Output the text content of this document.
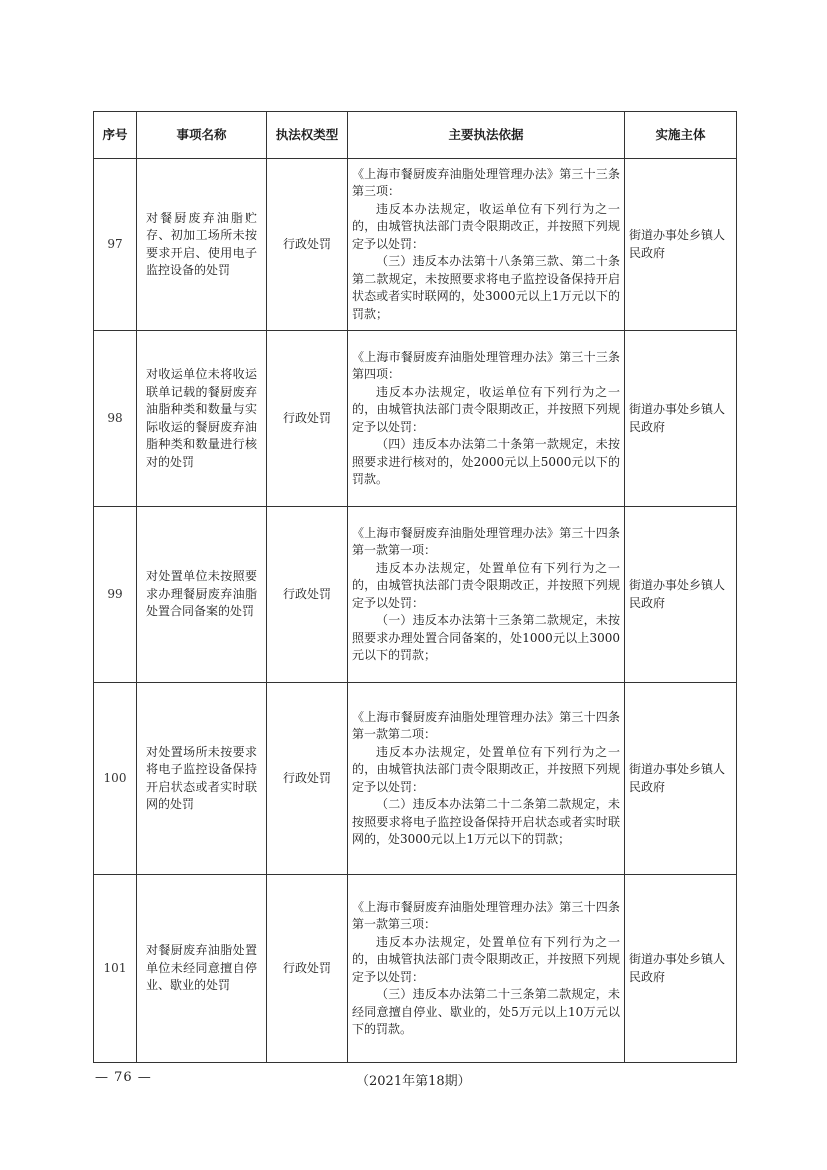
序号	事项名称	执法权类型	主要执法依据	实施主体
97	对餐厨废弃油脂贮存、初加工场所未按要求开启、使用电子监控设备的处罚	行政处罚	《上海市餐厨废弃油脂处理管理办法》第三十三条第三项：

违反本办法规定，收运单位有下列行为之一的，由城管执法部门责令限期改正，并按照下列规定予以处罚：

（三）违反本办法第十八条第三款、第二十条第二款规定，未按照要求将电子监控设备保持开启状态或者实时联网的，处3000元以上1万元以下的罚款；	街道办事处乡镇人民政府
98	对收运单位未将收运联单记载的餐厨废弃油脂种类和数量与实际收运的餐厨废弃油脂种类和数量进行核对的处罚	行政处罚	《上海市餐厨废弃油脂处理管理办法》第三十三条第四项：

违反本办法规定，收运单位有下列行为之一的，由城管执法部门责令限期改正，并按照下列规定予以处罚：

（四）违反本办法第二十条第一款规定，未按照要求进行核对的，处2000元以上5000元以下的罚款。	街道办事处乡镇人民政府
99	对处置单位未按照要求办理餐厨废弃油脂处置合同备案的处罚	行政处罚	《上海市餐厨废弃油脂处理管理办法》第三十四条第一款第一项：

违反本办法规定，处置单位有下列行为之一的，由城管执法部门责令限期改正，并按照下列规定予以处罚：

（一）违反本办法第十三条第二款规定，未按照要求办理处置合同备案的，处1000元以上3000元以下的罚款；	街道办事处乡镇人民政府
100	对处置场所未按要求将电子监控设备保持开启状态或者实时联网的处罚	行政处罚	《上海市餐厨废弃油脂处理管理办法》第三十四条第一款第二项：

违反本办法规定，处置单位有下列行为之一的，由城管执法部门责令限期改正，并按照下列规定予以处罚：

（二）违反本办法第二十二条第二款规定，未按照要求将电子监控设备保持开启状态或者实时联网的，处3000元以上1万元以下的罚款；	街道办事处乡镇人民政府
101	对餐厨废弃油脂处置单位未经同意擅自停业、歇业的处罚	行政处罚	《上海市餐厨废弃油脂处理管理办法》第三十四条第一款第三项：

违反本办法规定，处置单位有下列行为之一的，由城管执法部门责令限期改正，并按照下列规定予以处罚：

（三）违反本办法第二十三条第二款规定，未经同意擅自停业、歇业的，处5万元以上10万元以下的罚款。	街道办事处乡镇人民政府
— 76 —	（2021年第18期）
